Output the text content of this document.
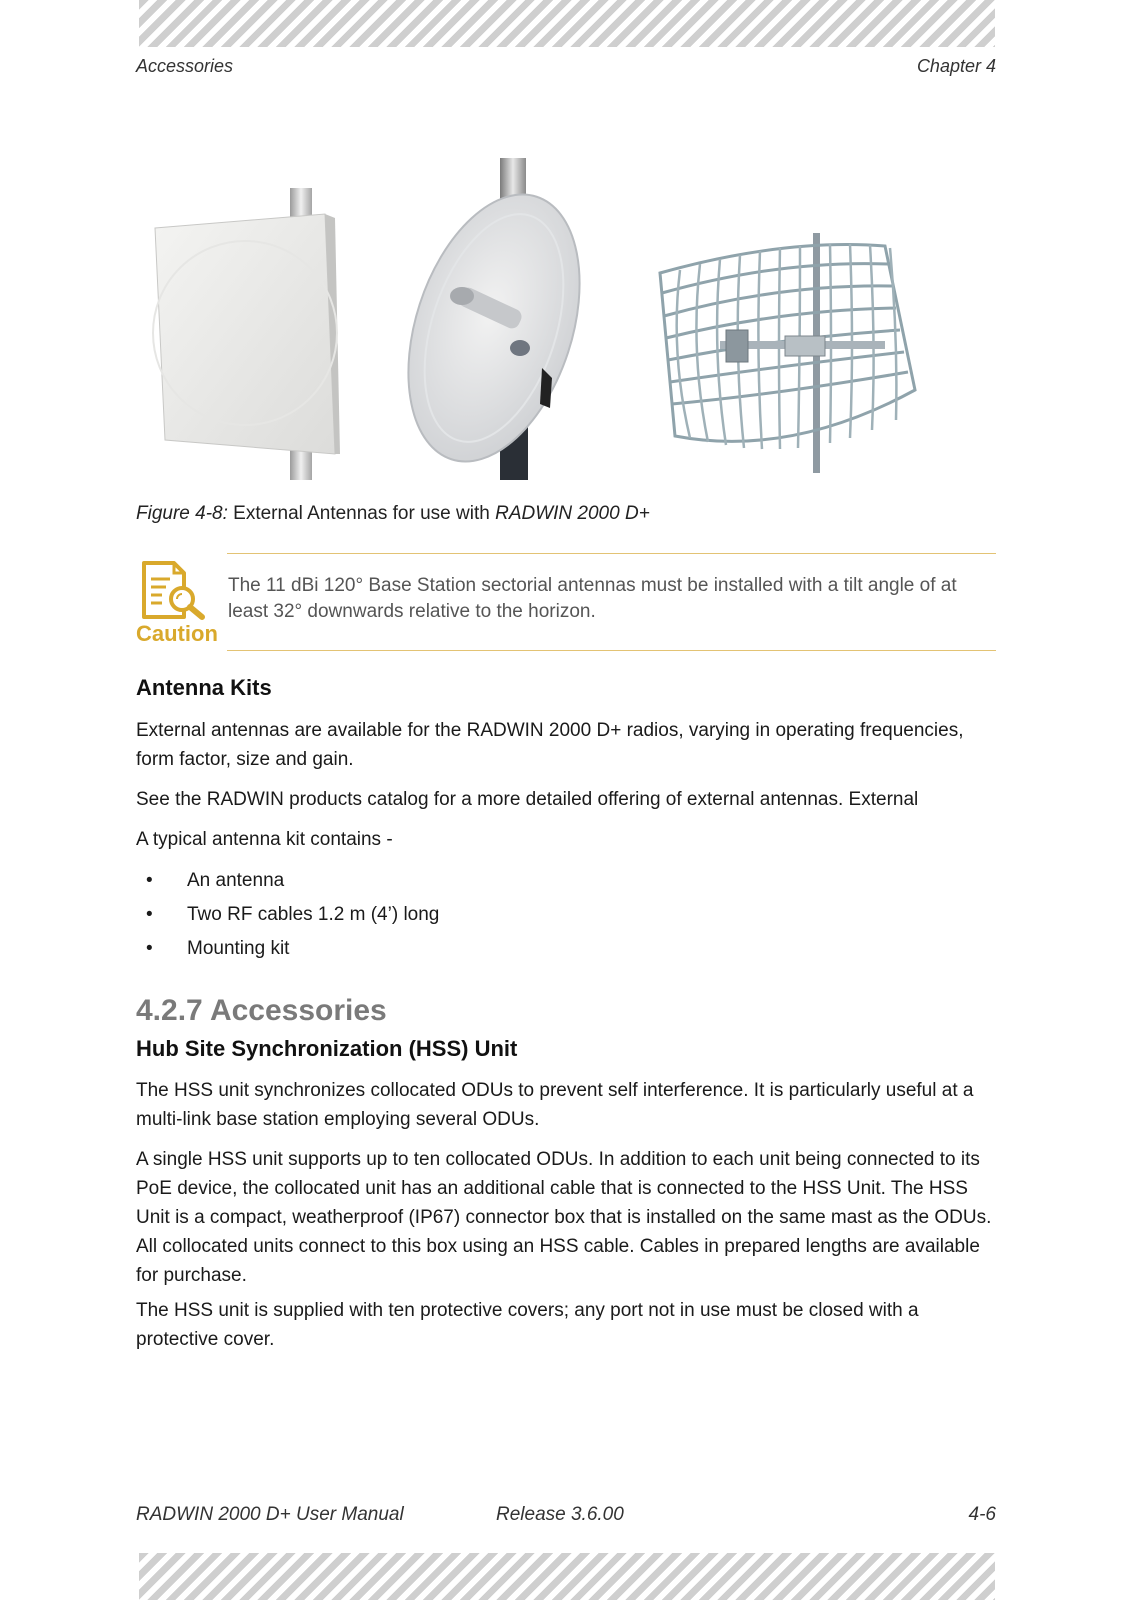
Accessories	Chapter 4
Figure 4-8: External Antennas for use with RADWIN 2000 D+
Caution
The 11 dBi 120° Base Station sectorial antennas must be installed with a tilt angle of at least 32° downwards relative to the horizon.
Antenna Kits
External antennas are available for the RADWIN 2000 D+ radios, varying in operating frequencies, form factor, size and gain.
See the RADWIN products catalog for a more detailed offering of external antennas. External
A typical antenna kit contains -
• An antenna
• Two RF cables 1.2 m (4’) long
• Mounting kit
4.2.7 Accessories
Hub Site Synchronization (HSS) Unit
The HSS unit synchronizes collocated ODUs to prevent self interference. It is particularly useful at a multi-link base station employing several ODUs.
A single HSS unit supports up to ten collocated ODUs. In addition to each unit being connected to its PoE device, the collocated unit has an additional cable that is connected to the HSS Unit. The HSS Unit is a compact, weatherproof (IP67) connector box that is installed on the same mast as the ODUs. All collocated units connect to this box using an HSS cable. Cables in prepared lengths are available for purchase.
The HSS unit is supplied with ten protective covers; any port not in use must be closed with a protective cover.
RADWIN 2000 D+ User Manual	Release 3.6.00	4-6
